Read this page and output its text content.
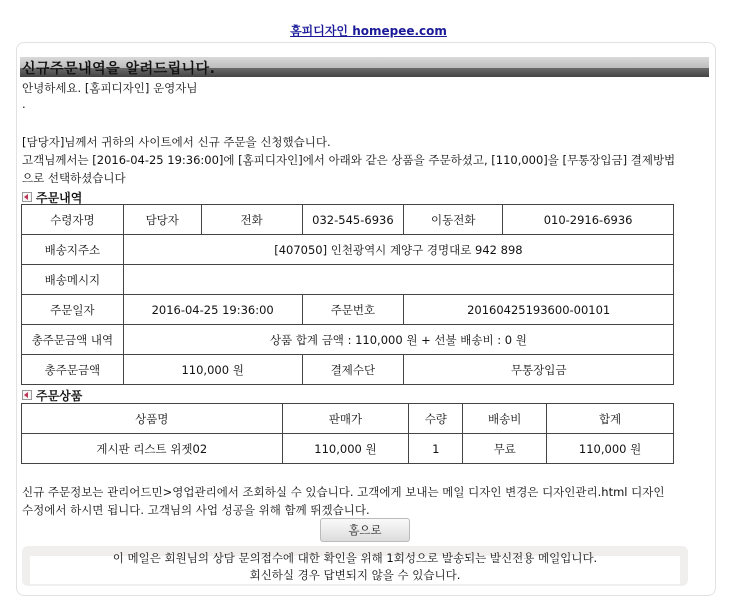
홈피디자인 homepee.com
신규주문내역을 알려드립니다.
안녕하세요. [홈피디자인] 운영자님
.
[담당자]님께서 귀하의 사이트에서 신규 주문을 신청했습니다.
고객님께서는 [2016-04-25 19:36:00]에 [홈피디자인]에서 아래와 같은 상품을 주문하셨고, [110,000]을 [무통장입금] 결제방법
으로 선택하셨습니다
주문내역
수령자명	담당자	전화	032-545-6936	이동전화	010-2916-6936
배송지주소	[407050] 인천광역시 계양구 경명대로 942 898				
배송메시지					
주문일자	2016-04-25 19:36:00		주문번호	20160425193600-00101	
총주문금액 내역	상품 합계 금액 : 110,000 원 + 선불 배송비 : 0 원				
총주문금액	110,000 원		결제수단	무통장입금	
주문상품
상품명	판매가	수량	배송비	합계
게시판 리스트 위젯02	110,000 원	1	무료	110,000 원
신규 주문정보는 관리어드민>영업관리에서 조회하실 수 있습니다. 고객에게 보내는 메일 디자인 변경은 디자인관리.html 디자인
수정에서 하시면 됩니다. 고객님의 사업 성공을 위해 함께 뛰겠습니다.
홈으로
이 메일은 회원님의 상담 문의접수에 대한 확인을 위해 1회성으로 발송되는 발신전용 메일입니다.
회신하실 경우 답변되지 않을 수 있습니다.
